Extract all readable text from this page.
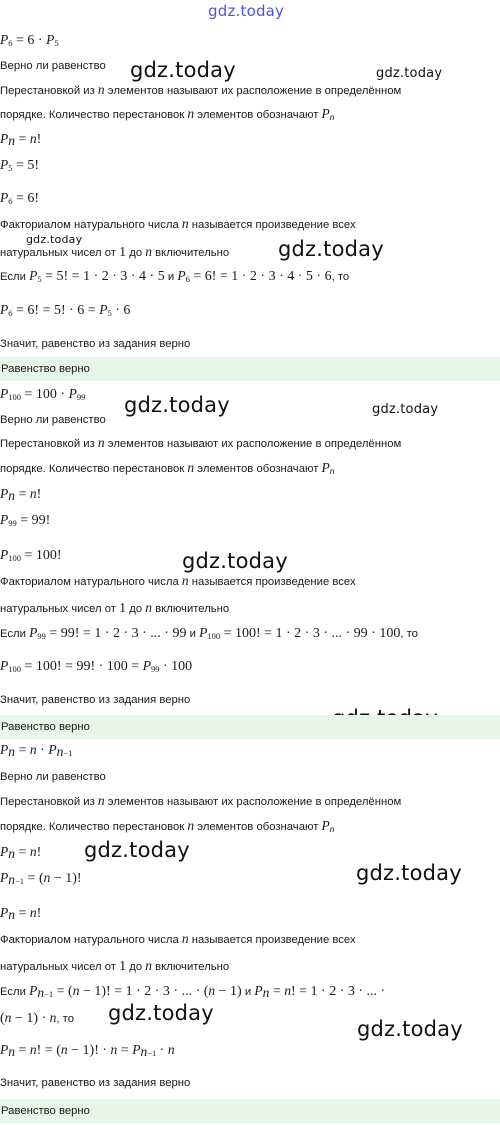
gdz.today
gdz.today	gdz.today
gdz.today	gdz.today
gdz.today	gdz.today
gdz.today
gdz.today
gdz.today
gdz.today
gdz.today
$P_6 = 6 \cdot P_5$
Верно ли равенство
Перестановкой из n элементов называют их расположение в определённом
порядке. Количество перестановок n элементов обозначают $P_n$
$P_n = n$!
$P_5 = 5$!
$P_6 = 6$!
Факториалом натурального числа n называется произведение всех
натуральных чисел от 1 до n включительно
Если $P_5 = 5$! = 1 · 2 · 3 · 4 · 5 и $P_6 = 6$! = 1 · 2 · 3 · 4 · 5 · 6, то
$P_6 = 6$! = 5! · $6 = P_5 \cdot 6$
Значит, равенство из задания верно
Равенство верно
$P_{100} = 100 \cdot P_{99}$
Верно ли равенство
Перестановкой из n элементов называют их расположение в определённом
порядке. Количество перестановок n элементов обозначают $P_n$
$P_n = n$!
$P_{99} = 99$!
$P_{100} = 100$!
Факториалом натурального числа n называется произведение всех
натуральных чисел от 1 до n включительно
Если $P_{99} = 99$! = 1 · 2 · 3 · ... · 99 и $P_{100} = 100$! = 1 · 2 · 3 · ... · 99 · 100, то
$P_{100} = 100$! = 99! · $100 = P_{99} \cdot 100$
Значит, равенство из задания верно
Равенство верно
$P_n = n \cdot P_{n-1}$
Верно ли равенство
Перестановкой из n элементов называют их расположение в определённом
порядке. Количество перестановок n элементов обозначают $P_n$
$P_n = n$!
$P_{n-1} = (n - 1)$!
$P_n = n$!
Факториалом натурального числа n называется произведение всех
натуральных чисел от 1 до n включительно
Если $P_{n-1} = (n - 1)$! = 1 · 2 · 3 · ... · (n − 1) и $P_n = n$! = 1 · 2 · 3 · ... ·
(n − 1) · n, то
$P_n = n$! = (n − 1)! · $n = P_{n-1} \cdot n$
Значит, равенство из задания верно
Равенство верно
